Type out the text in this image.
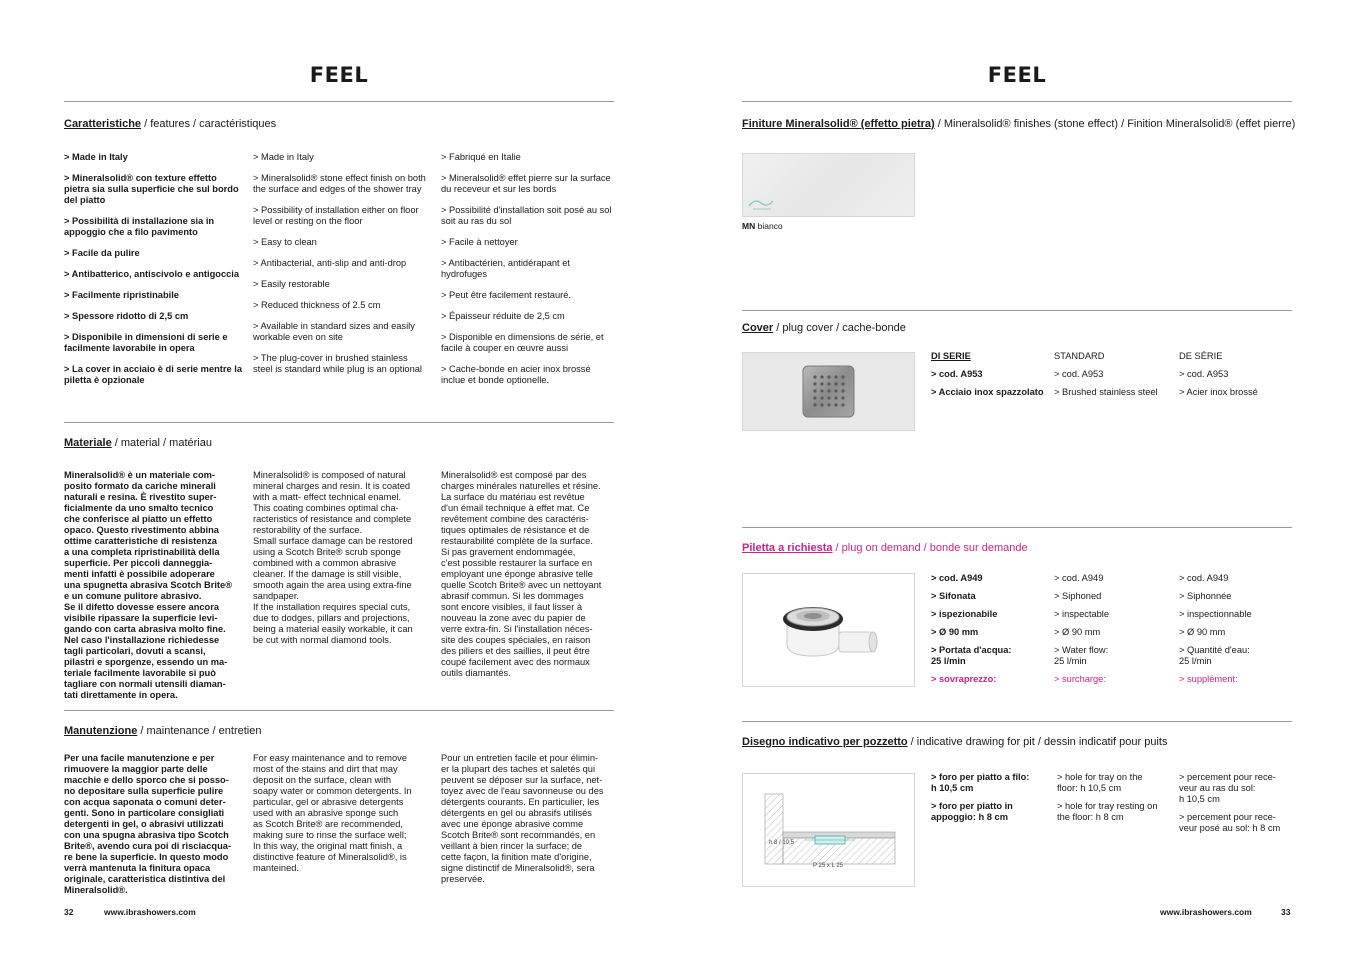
FEEL
Caratteristiche / features / caractéristiques

> Made in Italy

> Mineralsolid® con texture effetto pietra sia sulla superficie che sul bordo del piatto

> Possibilità di installazione sia in appoggio che a filo pavimento

> Facile da pulire

> Antibatterico, antiscivolo e antigoccia

> Facilmente ripristinabile

> Spessore ridotto di 2,5 cm

> Disponibile in dimensioni di serie e facilmente lavorabile in opera

> La cover in acciaio è di serie mentre la piletta è opzionale

> Made in Italy

> Mineralsolid® stone effect finish on both the surface and edges of the shower tray

> Possibility of installation either on floor level or resting on the floor

> Easy to clean

> Antibacterial, anti-slip and anti-drop

> Easily restorable

> Reduced thickness of 2.5 cm

> Available in standard sizes and easily workable even on site

> The plug-cover in brushed stainless steel is standard while plug is an optional

> Fabriqué en Italie

> Mineralsolid® effet pierre sur la surface du receveur et sur les bords

> Possibilité d'installation soit posé au sol soit au ras du sol

> Facile à nettoyer

> Antibactérien, antidérapant et hydrofuges

> Peut être facilement restauré.

> Épaisseur réduite de 2,5 cm

> Disponible en dimensions de série, et facile à couper en œuvre aussi

> Cache-bonde en acier inox brossé inclue et bonde optionelle.

Materiale / material / matériau
Mineralsolid® è un materiale com-
posito formato da cariche minerali
naturali e resina. È rivestito super-
ficialmente da uno smalto tecnico
che conferisce al piatto un effetto
opaco. Questo rivestimento abbina
ottime caratteristiche di resistenza
a una completa ripristinabilità della
superficie. Per piccoli danneggia-
menti infatti è possibile adoperare
una spugnetta abrasiva Scotch Brite®
e un comune pulitore abrasivo.
Se il difetto dovesse essere ancora
visibile ripassare la superficie levi-
gando con carta abrasiva molto fine.
Nel caso l'installazione richiedesse
tagli particolari, dovuti a scansi,
pilastri e sporgenze, essendo un ma-
teriale facilmente lavorabile si può
tagliare con normali utensili diaman-
tati direttamente in opera.
Mineralsolid® is composed of natural
mineral charges and resin. It is coated
with a matt- effect technical enamel.
This coating combines optimal cha-
racteristics of resistance and complete
restorability of the surface.
Small surface damage can be restored
using a Scotch Brite® scrub sponge
combined with a common abrasive
cleaner. If the damage is still visible,
smooth again the area using extra-fine
sandpaper.
If the installation requires special cuts,
due to dodges, pillars and projections,
being a material easily workable, it can
be cut with normal diamond tools.
Mineralsolid® est composé par des
charges minérales naturelles et résine.
La surface du matériau est revêtue
d'un émail technique à effet mat. Ce
revêtement combine des caractéris-
tiques optimales de résistance et de
restaurabilité complète de la surface.
Si pas gravement endommagée,
c'est possible restaurer la surface en
employant une éponge abrasive telle
quelle Scotch Brite® avec un nettoyant
abrasif commun. Si les dommages
sont encore visibles, il faut lisser à
nouveau la zone avec du papier de
verre extra-fin. Si l'installation néces-
site des coupes spéciales, en raison
des piliers et des saillies, il peut être
coupé facilement avec des normaux
outils diamantés.
Manutenzione / maintenance / entretien
Per una facile manutenzione e per
rimuovere la maggior parte delle
macchie e dello sporco che si posso-
no depositare sulla superficie pulire
con acqua saponata o comuni deter-
genti. Sono in particolare consigliati
detergenti in gel, o abrasivi utilizzati
con una spugna abrasiva tipo Scotch
Brite®, avendo cura poi di risciacqua-
re bene la superficie. In questo modo
verrà mantenuta la finitura opaca
originale, caratteristica distintiva del
Mineralsolid®.
For easy maintenance and to remove
most of the stains and dirt that may
deposit on the surface, clean with
soapy water or common detergents. In
particular, gel or abrasive detergents
used with an abrasive sponge such
as Scotch Brite® are recommended,
making sure to rinse the surface well;
In this way, the original matt finish, a
distinctive feature of Mineralsolid®, is
manteined.
Pour un entretien facile et pour élimin-
er la plupart des taches et saletés qui
peuvent se déposer sur la surface, net-
toyez avec de l'eau savonneuse ou des
détergents courants. En particulier, les
détergents en gel ou abrasifs utilisés
avec une éponge abrasive comme
Scotch Brite® sont recommandés, en
veillant à bien rincer la surface; de
cette façon, la finition mate d'origine,
signe distinctif de Mineralsolid®, sera
preservée.
32	www.ibrashowers.com
FEEL
Finiture Mineralsolid® (effetto pietra) / Mineralsolid® finishes (stone effect) / Finition Mineralsolid® (effet pierre)
MN bianco
Cover / plug cover / cache-bonde

DI SERIE

> cod. A953

> Acciaio inox spazzolato

STANDARD

> cod. A953

> Brushed stainless steel

DE SÉRIE

> cod. A953

> Acier inox brossé

Piletta a richiesta / plug on demand / bonde sur demande

> cod. A949

> Sifonata

> ispezionabile

> Ø 90 mm

> Portata d'acqua:
25 l/min

> sovraprezzo:

> cod. A949

> Siphoned

> inspectable

> Ø 90 mm

> Water flow:
25 l/min

> surcharge:

> cod. A949

> Siphonnée

> inspectionnable

> Ø 90 mm

> Quantité d'eau:
25 l/min

> supplément:

Disegno indicativo per pozzetto / indicative drawing for pit / dessin indicatif pour puits
h 8 / 10,5
P 25 x L 25

> foro per piatto a filo:
h 10,5 cm

> foro per piatto in
appoggio: h 8 cm

> hole for tray on the
floor: h 10,5 cm

> hole for tray resting on
the floor: h 8 cm

> percement pour rece-
veur au ras du sol:
h 10,5 cm

> percement pour rece-
veur posé au sol: h 8 cm

www.ibrashowers.com	33
